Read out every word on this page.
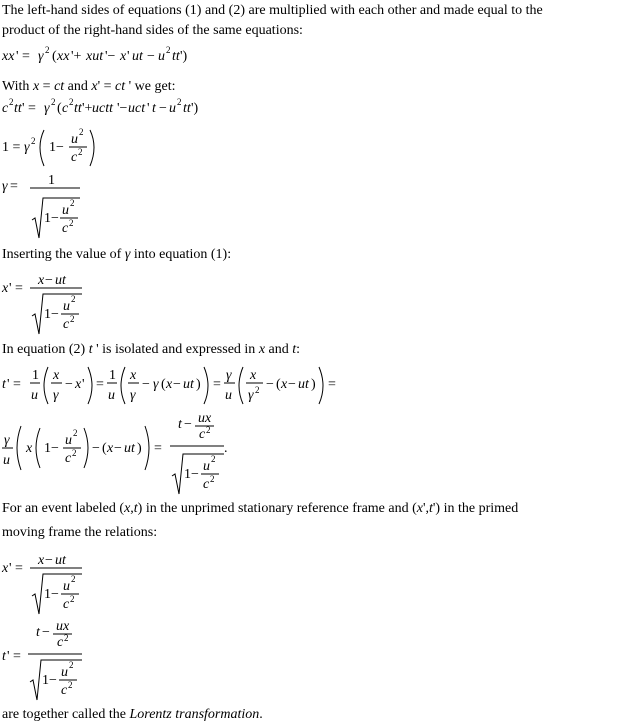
The left-hand sides of equations (1) and (2) are multiplied with each other and made equal to the
product of the right-hand sides of the same equations:
xx ' = γ 2 ( xx '+ xut '− x ' ut − u 2 tt ')
With x = ct and x' = ct ' we get:
c 2 tt ' = γ 2 ( c 2 tt '+ uctt '− uct ' t − u 2 tt ')
1 = γ 2 1−
u 2
c 2
γ = 1
1−
u 2
c 2
Inserting the value of γ into equation (1):
x ' =
x − ut
1−
u 2
c 2
In equation (2) t ' is isolated and expressed in x and t:
t ' =
1
u
x
γ
− x ' =
1
u
x
γ
− γ ( x − ut ) =
γ
u
x
γ 2 − ( x − ut ) =
γ
u
x 1−
u 2
c 2 − ( x − ut ) =
t − ux
c 2
1−
u 2
c 2
.
For an event labeled (x,t) in the unprimed stationary reference frame and (x',t') in the primed
moving frame the relations:
x ' =
x − ut
1−
u 2
c 2
t ' =
t − ux
c 2
1−
u 2
c 2
are together called the Lorentz transformation.
